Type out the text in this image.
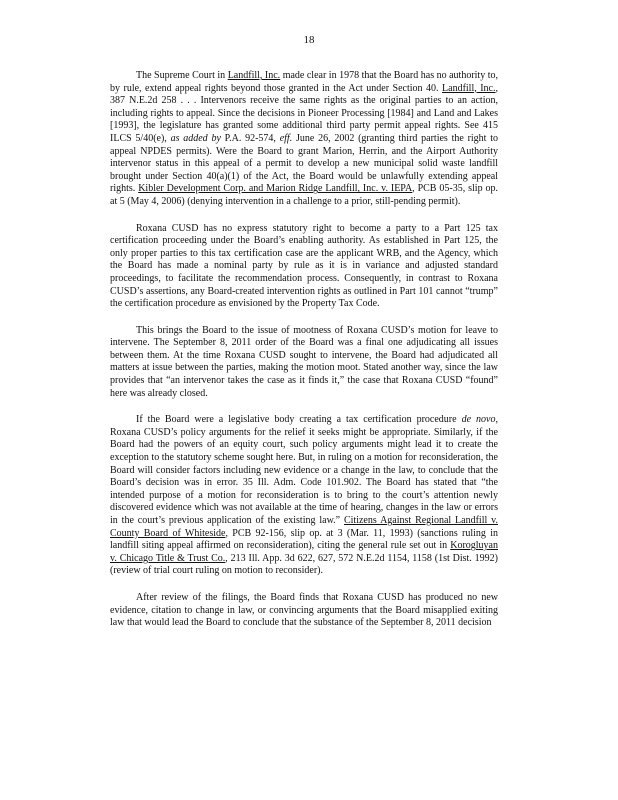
18

The Supreme Court in Landfill, Inc. made clear in 1978 that the Board has no authority to, by rule, extend appeal rights beyond those granted in the Act under Section 40. Landfill, Inc., 387 N.E.2d 258 . . . Intervenors receive the same rights as the original parties to an action, including rights to appeal. Since the decisions in Pioneer Processing [1984] and Land and Lakes [1993], the legislature has granted some additional third party permit appeal rights. See 415 ILCS 5/40(e), as added by P.A. 92-574, eff. June 26, 2002 (granting third parties the right to appeal NPDES permits). Were the Board to grant Marion, Herrin, and the Airport Authority intervenor status in this appeal of a permit to develop a new municipal solid waste landfill brought under Section 40(a)(1) of the Act, the Board would be unlawfully extending appeal rights. Kibler Development Corp. and Marion Ridge Landfill, Inc. v. IEPA, PCB 05-35, slip op. at 5 (May 4, 2006) (denying intervention in a challenge to a prior, still-pending permit).

Roxana CUSD has no express statutory right to become a party to a Part 125 tax certification proceeding under the Board’s enabling authority. As established in Part 125, the only proper parties to this tax certification case are the applicant WRB, and the Agency, which the Board has made a nominal party by rule as it is in variance and adjusted standard proceedings, to facilitate the recommendation process. Consequently, in contrast to Roxana CUSD’s assertions, any Board-created intervention rights as outlined in Part 101 cannot “trump” the certification procedure as envisioned by the Property Tax Code.

This brings the Board to the issue of mootness of Roxana CUSD’s motion for leave to intervene. The September 8, 2011 order of the Board was a final one adjudicating all issues between them. At the time Roxana CUSD sought to intervene, the Board had adjudicated all matters at issue between the parties, making the motion moot. Stated another way, since the law provides that “an intervenor takes the case as it finds it,” the case that Roxana CUSD “found” here was already closed.

If the Board were a legislative body creating a tax certification procedure de novo, Roxana CUSD’s policy arguments for the relief it seeks might be appropriate. Similarly, if the Board had the powers of an equity court, such policy arguments might lead it to create the exception to the statutory scheme sought here. But, in ruling on a motion for reconsideration, the Board will consider factors including new evidence or a change in the law, to conclude that the Board’s decision was in error. 35 Ill. Adm. Code 101.902. The Board has stated that “the intended purpose of a motion for reconsideration is to bring to the court’s attention newly discovered evidence which was not available at the time of hearing, changes in the law or errors in the court’s previous application of the existing law.” Citizens Against Regional Landfill v. County Board of Whiteside, PCB 92-156, slip op. at 3 (Mar. 11, 1993) (sanctions ruling in landfill siting appeal affirmed on reconsideration), citing the general rule set out in Korogluyan v. Chicago Title & Trust Co., 213 Ill. App. 3d 622, 627, 572 N.E.2d 1154, 1158 (1st Dist. 1992) (review of trial court ruling on motion to reconsider).

After review of the filings, the Board finds that Roxana CUSD has produced no new evidence, citation to change in law, or convincing arguments that the Board misapplied exiting law that would lead the Board to conclude that the substance of the September 8, 2011 decision
